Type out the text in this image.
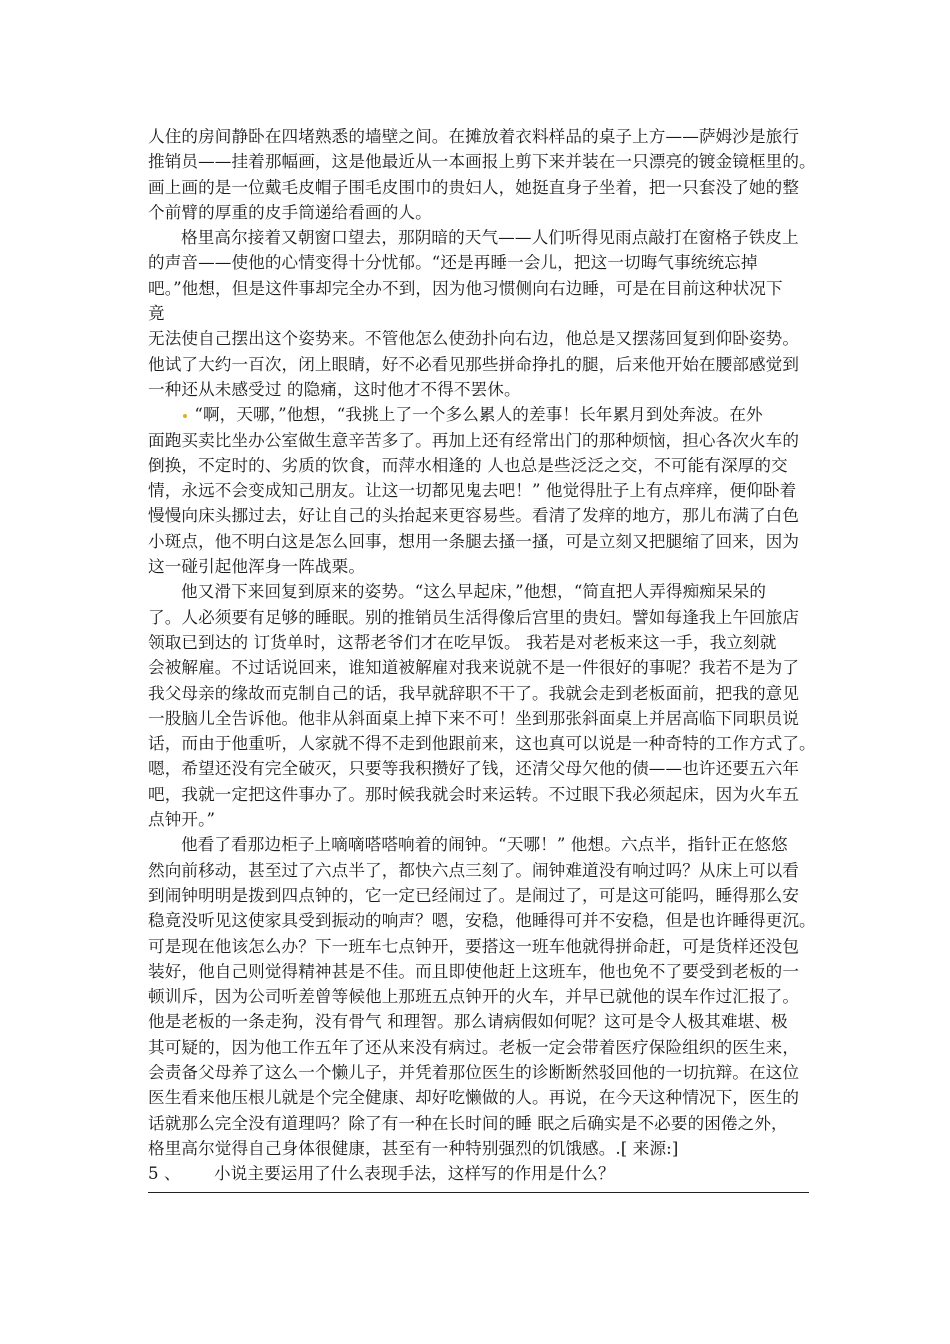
人住的房间静卧在四堵熟悉的墙壁之间。在摊放着衣料样品的桌子上方——萨姆沙是旅行
推销员——挂着那幅画，这是他最近从一本画报上剪下来并装在一只漂亮的镀金镜框里的。
画上画的是一位戴毛皮帽子围毛皮围巾的贵妇人，她挺直身子坐着，把一只套没了她的整
个前臂的厚重的皮手筒递给看画的人。
格里高尔接着又朝窗口望去，那阴暗的天气——人们听得见雨点敲打在窗格子铁皮上
的声音——使他的心情变得十分忧郁。“还是再睡一会儿，把这一切晦气事统统忘掉
吧。”他想，但是这件事却完全办不到，因为他习惯侧向右边睡，可是在目前这种状况下
竟
无法使自己摆出这个姿势来。不管他怎么使劲扑向右边，他总是又摆荡回复到仰卧姿势。
他试了大约一百次，闭上眼睛，好不必看见那些拼命挣扎的腿，后来他开始在腰部感觉到
一种还从未感受过 的隐痛，这时他才不得不罢休。
“啊，天哪，”他想，“我挑上了一个多么累人的差事！长年累月到处奔波。在外
面跑买卖比坐办公室做生意辛苦多了。再加上还有经常出门的那种烦恼，担心各次火车的
倒换，不定时的、劣质的饮食，而萍水相逢的 人也总是些泛泛之交，不可能有深厚的交
情，永远不会变成知己朋友。让这一切都见鬼去吧！” 他觉得肚子上有点痒痒，便仰卧着
慢慢向床头挪过去，好让自己的头抬起来更容易些。看清了发痒的地方，那儿布满了白色
小斑点，他不明白这是怎么回事，想用一条腿去搔一搔，可是立刻又把腿缩了回来，因为
这一碰引起他浑身一阵战栗。
他又滑下来回复到原来的姿势。“这么早起床，”他想，“简直把人弄得痴痴呆呆的
了。人必须要有足够的睡眠。别的推销员生活得像后宫里的贵妇。譬如每逢我上午回旅店
领取已到达的 订货单时，这帮老爷们才在吃早饭。 我若是对老板来这一手，我立刻就
会被解雇。不过话说回来，谁知道被解雇对我来说就不是一件很好的事呢？我若不是为了
我父母亲的缘故而克制自己的话，我早就辞职不干了。我就会走到老板面前，把我的意见
一股脑儿全告诉他。他非从斜面桌上掉下来不可！坐到那张斜面桌上并居高临下同职员说
话，而由于他重听，人家就不得不走到他跟前来，这也真可以说是一种奇特的工作方式了。
嗯，希望还没有完全破灭，只要等我积攒好了钱，还清父母欠他的债——也许还要五六年
吧，我就一定把这件事办了。那时候我就会时来运转。不过眼下我必须起床，因为火车五
点钟开。”
他看了看那边柜子上嘀嘀嗒嗒响着的闹钟。“天哪！” 他想。六点半，指针正在悠悠
然向前移动，甚至过了六点半了，都快六点三刻了。闹钟难道没有响过吗？从床上可以看
到闹钟明明是拨到四点钟的，它一定已经闹过了。是闹过了，可是这可能吗，睡得那么安
稳竟没听见这使家具受到振动的响声？嗯，安稳，他睡得可并不安稳，但是也许睡得更沉。
可是现在他该怎么办？下一班车七点钟开，要搭这一班车他就得拼命赶，可是货样还没包
装好，他自己则觉得精神甚是不佳。而且即使他赶上这班车，他也免不了要受到老板的一
顿训斥，因为公司听差曾等候他上那班五点钟开的火车，并早已就他的误车作过汇报了。
他是老板的一条走狗，没有骨气 和理智。那么请病假如何呢？这可是令人极其难堪、极
其可疑的，因为他工作五年了还从来没有病过。老板一定会带着医疗保险组织的医生来，
会责备父母养了这么一个懒儿子，并凭着那位医生的诊断断然驳回他的一切抗辩。在这位
医生看来他压根儿就是个完全健康、却好吃懒做的人。再说，在今天这种情况下，医生的
话就那么完全没有道理吗？除了有一种在长时间的睡 眠之后确实是不必要的困倦之外，
格里高尔觉得自己身体很健康，甚至有一种特别强烈的饥饿感。.[ 来源:]
5 、 小说主要运用了什么表现手法，这样写的作用是什么？
